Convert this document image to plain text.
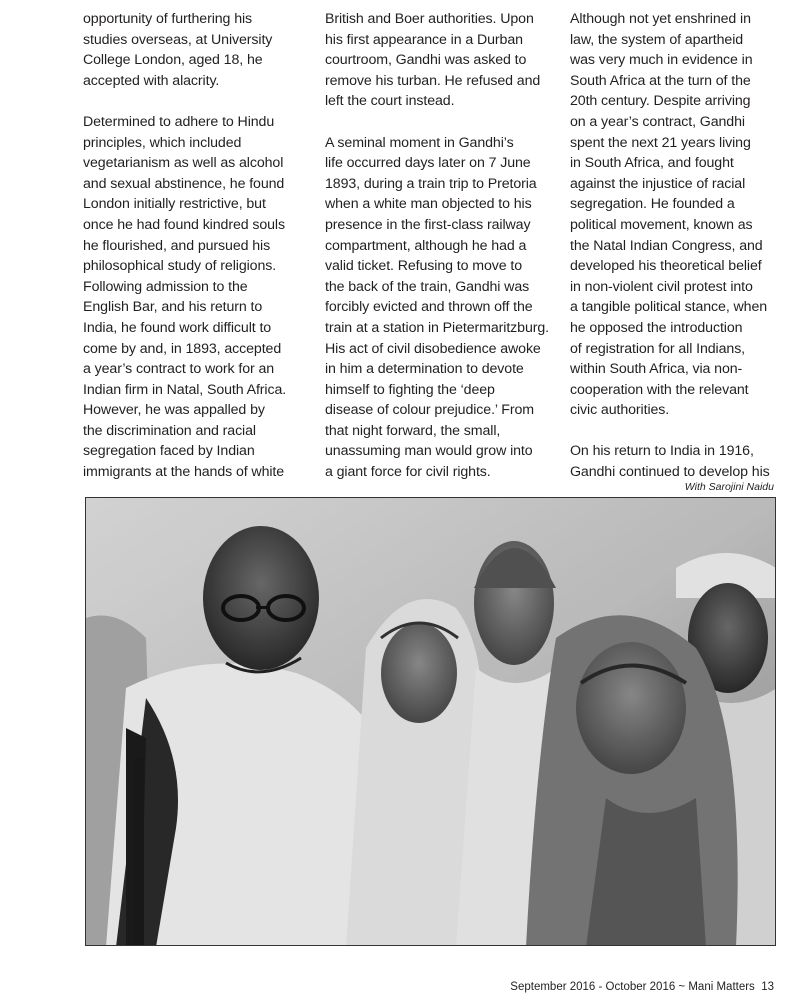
opportunity of furthering his
studies overseas, at University
College London, aged 18, he
accepted with alacrity.

Determined to adhere to Hindu
principles, which included
vegetarianism as well as alcohol
and sexual abstinence, he found
London initially restrictive, but
once he had found kindred souls
he flourished, and pursued his
philosophical study of religions.
Following admission to the
English Bar, and his return to
India, he found work difficult to
come by and, in 1893, accepted
a year’s contract to work for an
Indian firm in Natal, South Africa.
However, he was appalled by
the discrimination and racial
segregation faced by Indian
immigrants at the hands of white

British and Boer authorities. Upon
his first appearance in a Durban
courtroom, Gandhi was asked to
remove his turban. He refused and
left the court instead.

A seminal moment in Gandhi’s
life occurred days later on 7 June
1893, during a train trip to Pretoria
when a white man objected to his
presence in the first-class railway
compartment, although he had a
valid ticket. Refusing to move to
the back of the train, Gandhi was
forcibly evicted and thrown off the
train at a station in Pietermaritzburg.
His act of civil disobedience awoke
in him a determination to devote
himself to fighting the ‘deep
disease of colour prejudice.’ From
that night forward, the small,
unassuming man would grow into
a giant force for civil rights.

Although not yet enshrined in
law, the system of apartheid
was very much in evidence in
South Africa at the turn of the
20th century. Despite arriving
on a year’s contract, Gandhi
spent the next 21 years living
in South Africa, and fought
against the injustice of racial
segregation. He founded a
political movement, known as
the Natal Indian Congress, and
developed his theoretical belief
in non-violent civil protest into
a tangible political stance, when
he opposed the introduction
of registration for all Indians,
within South Africa, via non-
cooperation with the relevant
civic authorities.

On his return to India in 1916,
Gandhi continued to develop his

With Sarojini Naidu
September 2016 - October 2016 ~ Mani Matters 13
